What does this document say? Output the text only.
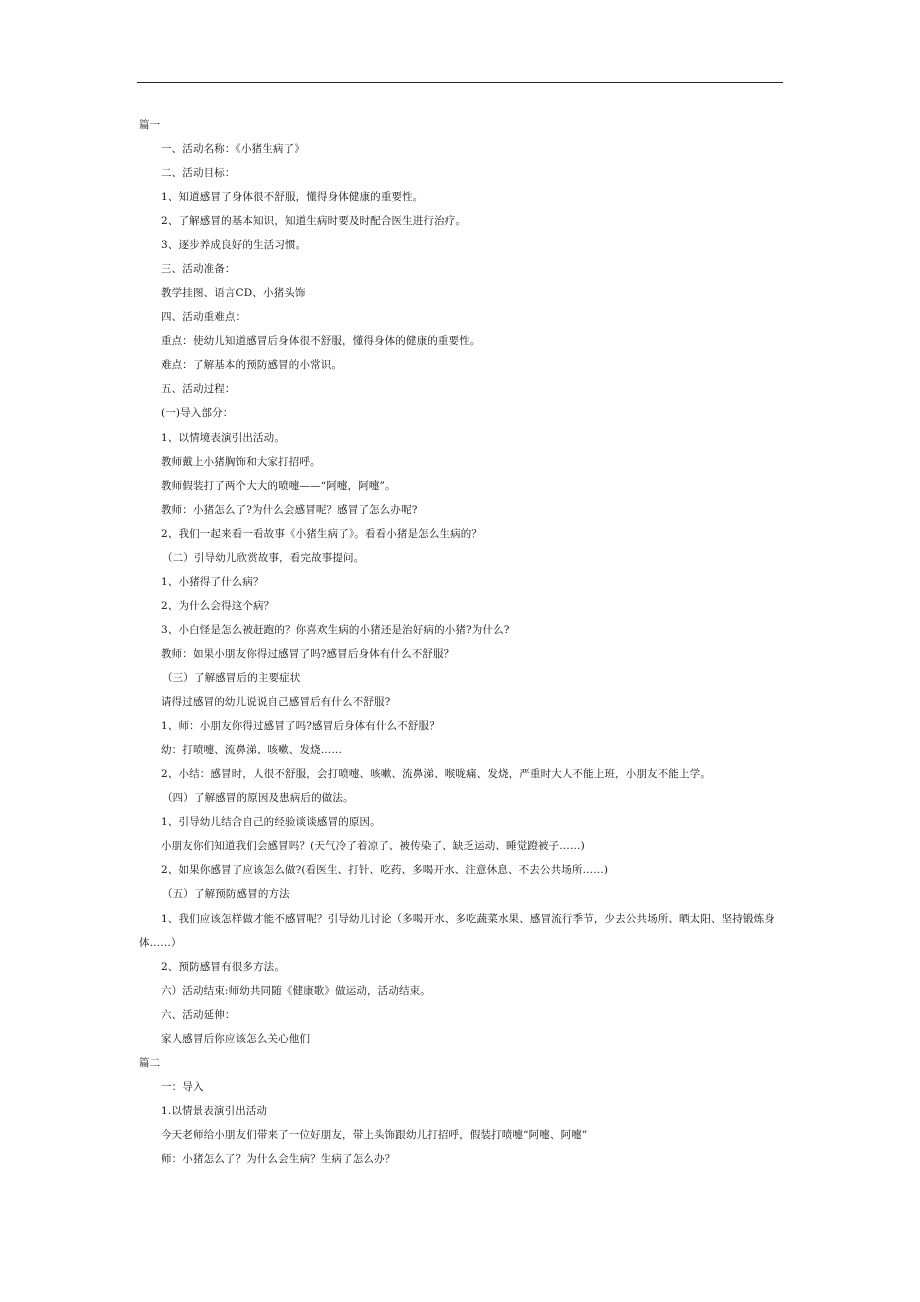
篇一
一、活动名称：《小猪生病了》
二、活动目标：
1、知道感冒了身体很不舒服，懂得身体健康的重要性。
2、了解感冒的基本知识，知道生病时要及时配合医生进行治疗。
3、逐步养成良好的生活习惯。
三、活动准备：
教学挂图、语言CD、小猪头饰
四、活动重难点：
重点：使幼儿知道感冒后身体很不舒服，懂得身体的健康的重要性。
难点：了解基本的预防感冒的小常识。
五、活动过程：
(一)导入部分：
1、以情境表演引出活动。
教师戴上小猪胸饰和大家打招呼。
教师假装打了两个大大的喷嚏——“阿嚏，阿嚏”。
教师：小猪怎么了?为什么会感冒呢？感冒了怎么办呢?
2、我们一起来看一看故事《小猪生病了》。看看小猪是怎么生病的？
（二）引导幼儿欣赏故事，看完故事提问。
1、小猪得了什么病？
2、为什么会得这个病？
3、小白怪是怎么被赶跑的？你喜欢生病的小猪还是治好病的小猪?为什么?
教师：如果小朋友你得过感冒了吗?感冒后身体有什么不舒服？
（三）了解感冒后的主要症状
请得过感冒的幼儿说说自己感冒后有什么不舒服?
1、师：小朋友你得过感冒了吗?感冒后身体有什么不舒服？
幼：打喷嚏、流鼻涕、咳嗽、发烧……
2、小结：感冒时，人很不舒服，会打喷嚏、咳嗽、流鼻涕、喉咙痛、发烧，严重时大人不能上班，小朋友不能上学。
（四）了解感冒的原因及患病后的做法。
1、引导幼儿结合自己的经验谈谈感冒的原因。
小朋友你们知道我们会感冒吗？(天气冷了着凉了、被传染了、缺乏运动、睡觉蹬被子……)
2、如果你感冒了应该怎么做?(看医生、打针、吃药、多喝开水、注意休息、不去公共场所……)
（五）了解预防感冒的方法
1、我们应该怎样做才能不感冒呢？引导幼儿讨论（多喝开水、多吃蔬菜水果、感冒流行季节，少去公共场所、晒太阳、坚持锻炼身
体……）
2、预防感冒有很多方法。
六）活动结束:师幼共同随《健康歌》做运动，活动结束。
六、活动延伸：
家人感冒后你应该怎么关心他们
篇二
一：导入
1.以情景表演引出活动
今天老师给小朋友们带来了一位好朋友，带上头饰跟幼儿打招呼，假装打喷嚏“阿嚏、阿嚏”
师：小猪怎么了？为什么会生病？生病了怎么办？
